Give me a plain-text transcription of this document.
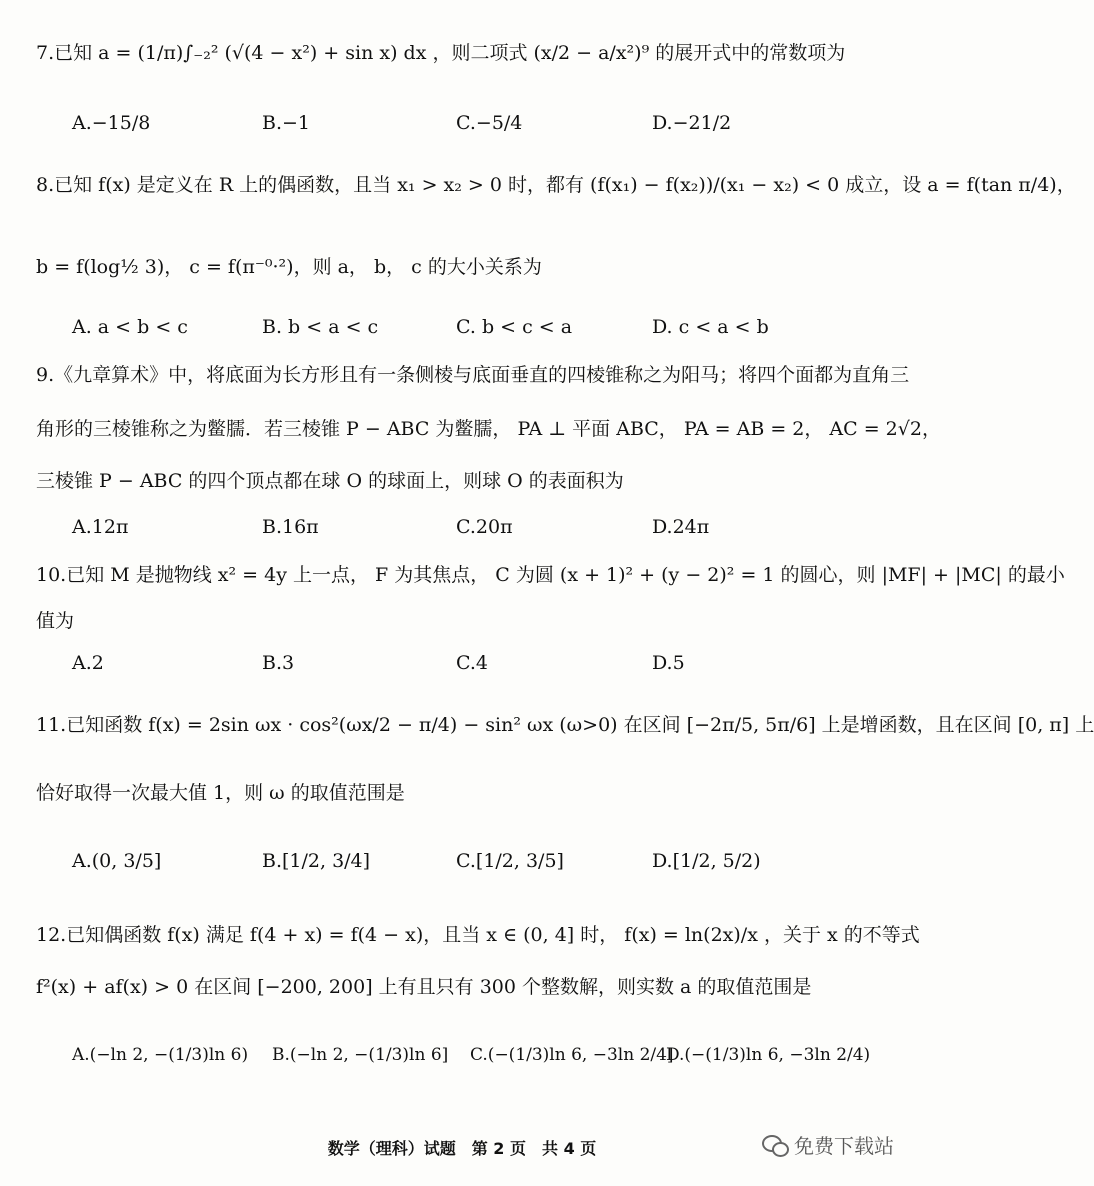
7.已知 a = (1/π)∫₋₂² (√(4 − x²) + sin x) dx ，则二项式 (x/2 − a/x²)⁹ 的展开式中的常数项为
A.−15/8	B.−1	C.−5/4	D.−21/2
8.已知 f(x) 是定义在 R 上的偶函数，且当 x₁ > x₂ > 0 时，都有 (f(x₁) − f(x₂))/(x₁ − x₂) < 0 成立，设 a = f(tan π/4)，
b = f(log½ 3)， c = f(π⁻⁰·²)，则 a， b， c 的大小关系为
A. a < b < c	B. b < a < c	C. b < c < a	D. c < a < b
9.《九章算术》中，将底面为长方形且有一条侧棱与底面垂直的四棱锥称之为阳马；将四个面都为直角三
角形的三棱锥称之为鳖臑．若三棱锥 P − ABC 为鳖臑， PA ⊥ 平面 ABC， PA = AB = 2， AC = 2√2，
三棱锥 P − ABC 的四个顶点都在球 O 的球面上，则球 O 的表面积为
A.12π	B.16π	C.20π	D.24π
10.已知 M 是抛物线 x² = 4y 上一点， F 为其焦点， C 为圆 (x + 1)² + (y − 2)² = 1 的圆心，则 |MF| + |MC| 的最小
值为
A.2	B.3	C.4	D.5
11.已知函数 f(x) = 2sin ωx · cos²(ωx/2 − π/4) − sin² ωx (ω>0) 在区间 [−2π/5, 5π/6] 上是增函数，且在区间 [0, π] 上
恰好取得一次最大值 1，则 ω 的取值范围是
A.(0, 3/5]	B.[1/2, 3/4]	C.[1/2, 3/5]	D.[1/2, 5/2)
12.已知偶函数 f(x) 满足 f(4 + x) = f(4 − x)，且当 x ∈ (0, 4] 时， f(x) = ln(2x)/x ，关于 x 的不等式
f²(x) + af(x) > 0 在区间 [−200, 200] 上有且只有 300 个整数解，则实数 a 的取值范围是
A.(−ln 2, −(1/3)ln 6) B.(−ln 2, −(1/3)ln 6] C.(−(1/3)ln 6, −3ln 2/4]
D.(−(1/3)ln 6, −3ln 2/4)
数学（理科）试题　第 2 页　共 4 页	免费下载站
